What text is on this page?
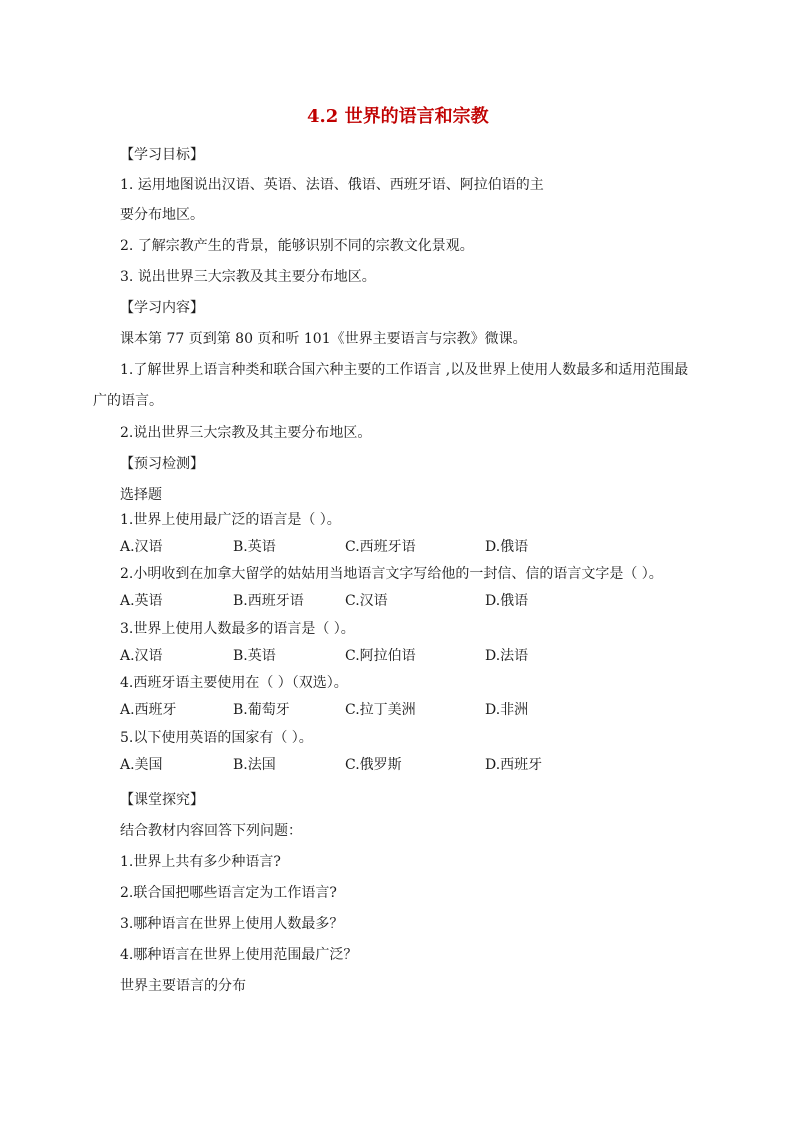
4.2 世界的语言和宗教
【学习目标】
1. 运用地图说出汉语、英语、法语、俄语、西班牙语、阿拉伯语的主
要分布地区。
2. 了解宗教产生的背景，能够识别不同的宗教文化景观。
3. 说出世界三大宗教及其主要分布地区。
【学习内容】
课本第 77 页到第 80 页和听 101《世界主要语言与宗教》微课。
1.了解世界上语言种类和联合国六种主要的工作语言 ,以及世界上使用人数最多和适用范围最
广的语言。
2.说出世界三大宗教及其主要分布地区。
【预习检测】
选择题
1.世界上使用最广泛的语言是（ ）。
A.汉语	B.英语	C.西班牙语	D.俄语
2.小明收到在加拿大留学的姑姑用当地语言文字写给他的一封信、信的语言文字是（ ）。
A.英语	B.西班牙语	C.汉语	D.俄语
3.世界上使用人数最多的语言是（ ）。
A.汉语	B.英语	C.阿拉伯语	D.法语
4.西班牙语主要使用在（ ）（双选）。
A.西班牙	B.葡萄牙	C.拉丁美洲	D.非洲
5.以下使用英语的国家有（ ）。
A.美国	B.法国	C.俄罗斯	D.西班牙
【课堂探究】
结合教材内容回答下列问题：
1.世界上共有多少种语言?
2.联合国把哪些语言定为工作语言?
3.哪种语言在世界上使用人数最多？
4.哪种语言在世界上使用范围最广泛？
世界主要语言的分布
